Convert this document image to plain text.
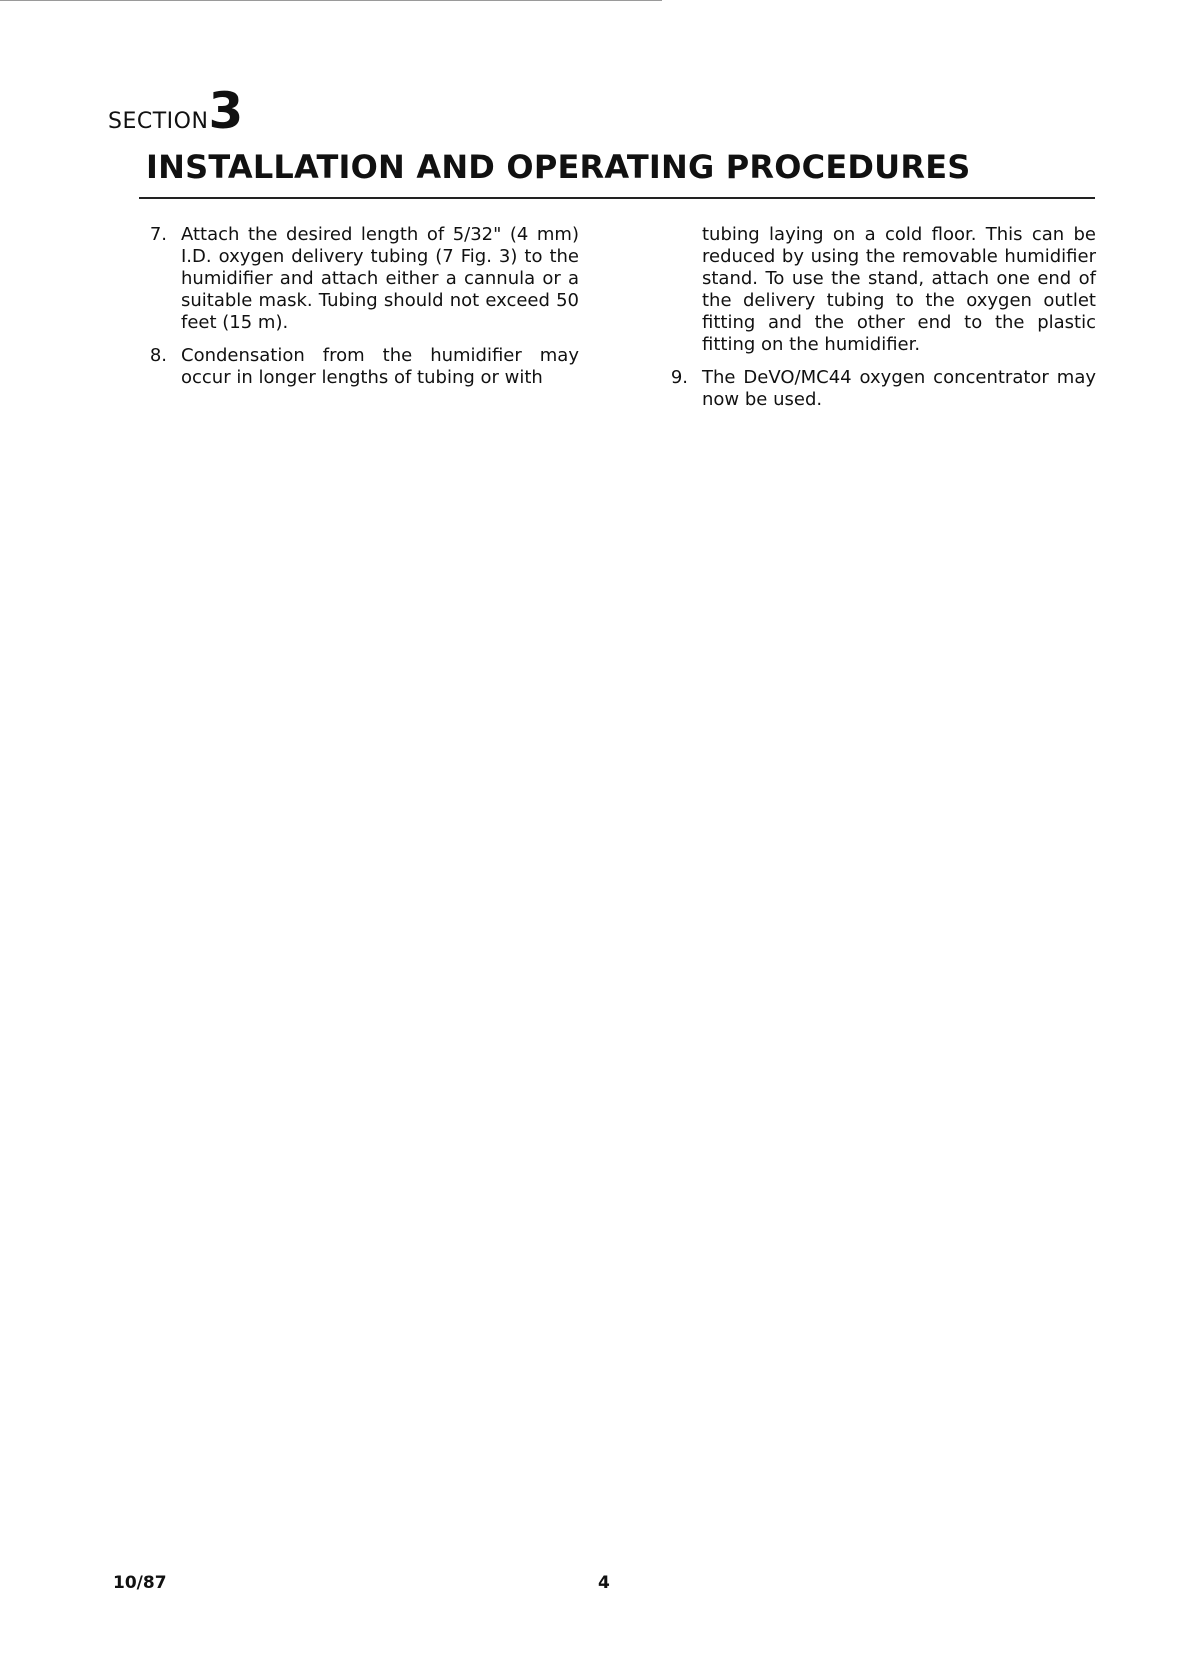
SECTION3
INSTALLATION AND OPERATING PROCEDURES
7. Attach the desired length of 5/32" (4 mm) I.D. oxygen delivery tubing (7 Fig. 3) to the humidifier and attach either a cannula or a suitable mask. Tubing should not exceed 50 feet (15 m).
8. Condensation from the humidifier may occur in longer lengths of tubing or with
tubing laying on a cold floor. This can be reduced by using the removable humidifier stand. To use the stand, attach one end of the delivery tubing to the oxygen outlet fitting and the other end to the plastic fitting on the humidifier.
9. The DeVO/MC44 oxygen concentrator may now be used.
10/87	4
